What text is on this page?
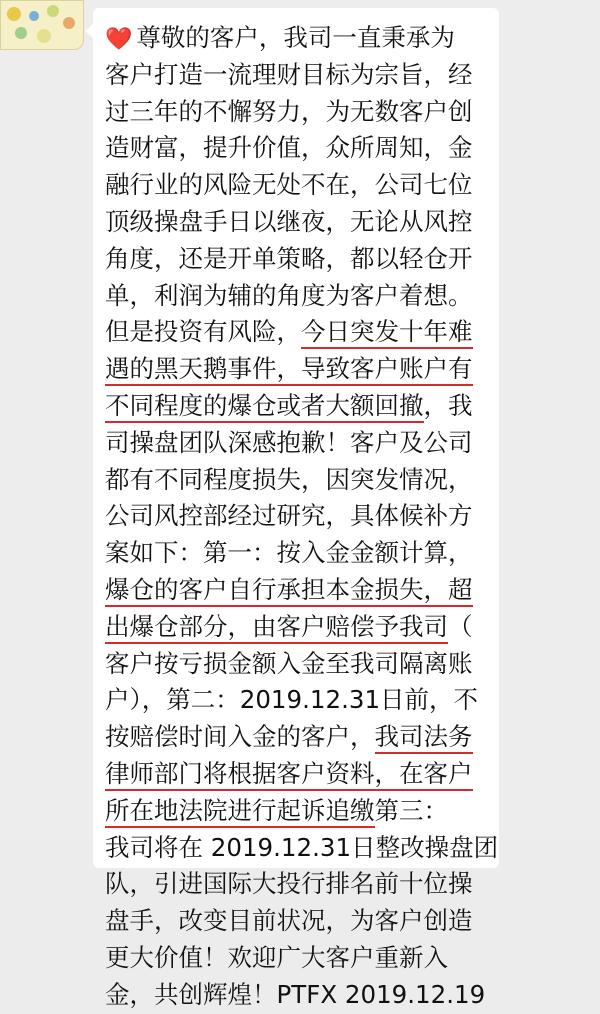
❤️ 尊敬的客户，我司一直秉承为
客户打造一流理财目标为宗旨，经
过三年的不懈努力，为无数客户创
造财富，提升价值，众所周知，金
融行业的风险无处不在，公司七位
顶级操盘手日以继夜，无论从风控
角度，还是开单策略，都以轻仓开
单，利润为辅的角度为客户着想。
但是投资有风险，今日突发十年难
遇的黑天鹅事件，导致客户账户有
不同程度的爆仓或者大额回撤，我
司操盘团队深感抱歉！客户及公司
都有不同程度损失，因突发情况，
公司风控部经过研究，具体候补方
案如下：第一：按入金金额计算，
爆仓的客户自行承担本金损失，超
出爆仓部分，由客户赔偿予我司（
客户按亏损金额入金至我司隔离账
户），第二：2019.12.31日前，不
按赔偿时间入金的客户，我司法务
律师部门将根据客户资料，在客户
所在地法院进行起诉追缴第三：
我司将在 2019.12.31日整改操盘团
队，引进国际大投行排名前十位操
盘手，改变目前状况，为客户创造
更大价值！欢迎广大客户重新入
金，共创辉煌！PTFX 2019.12.19
